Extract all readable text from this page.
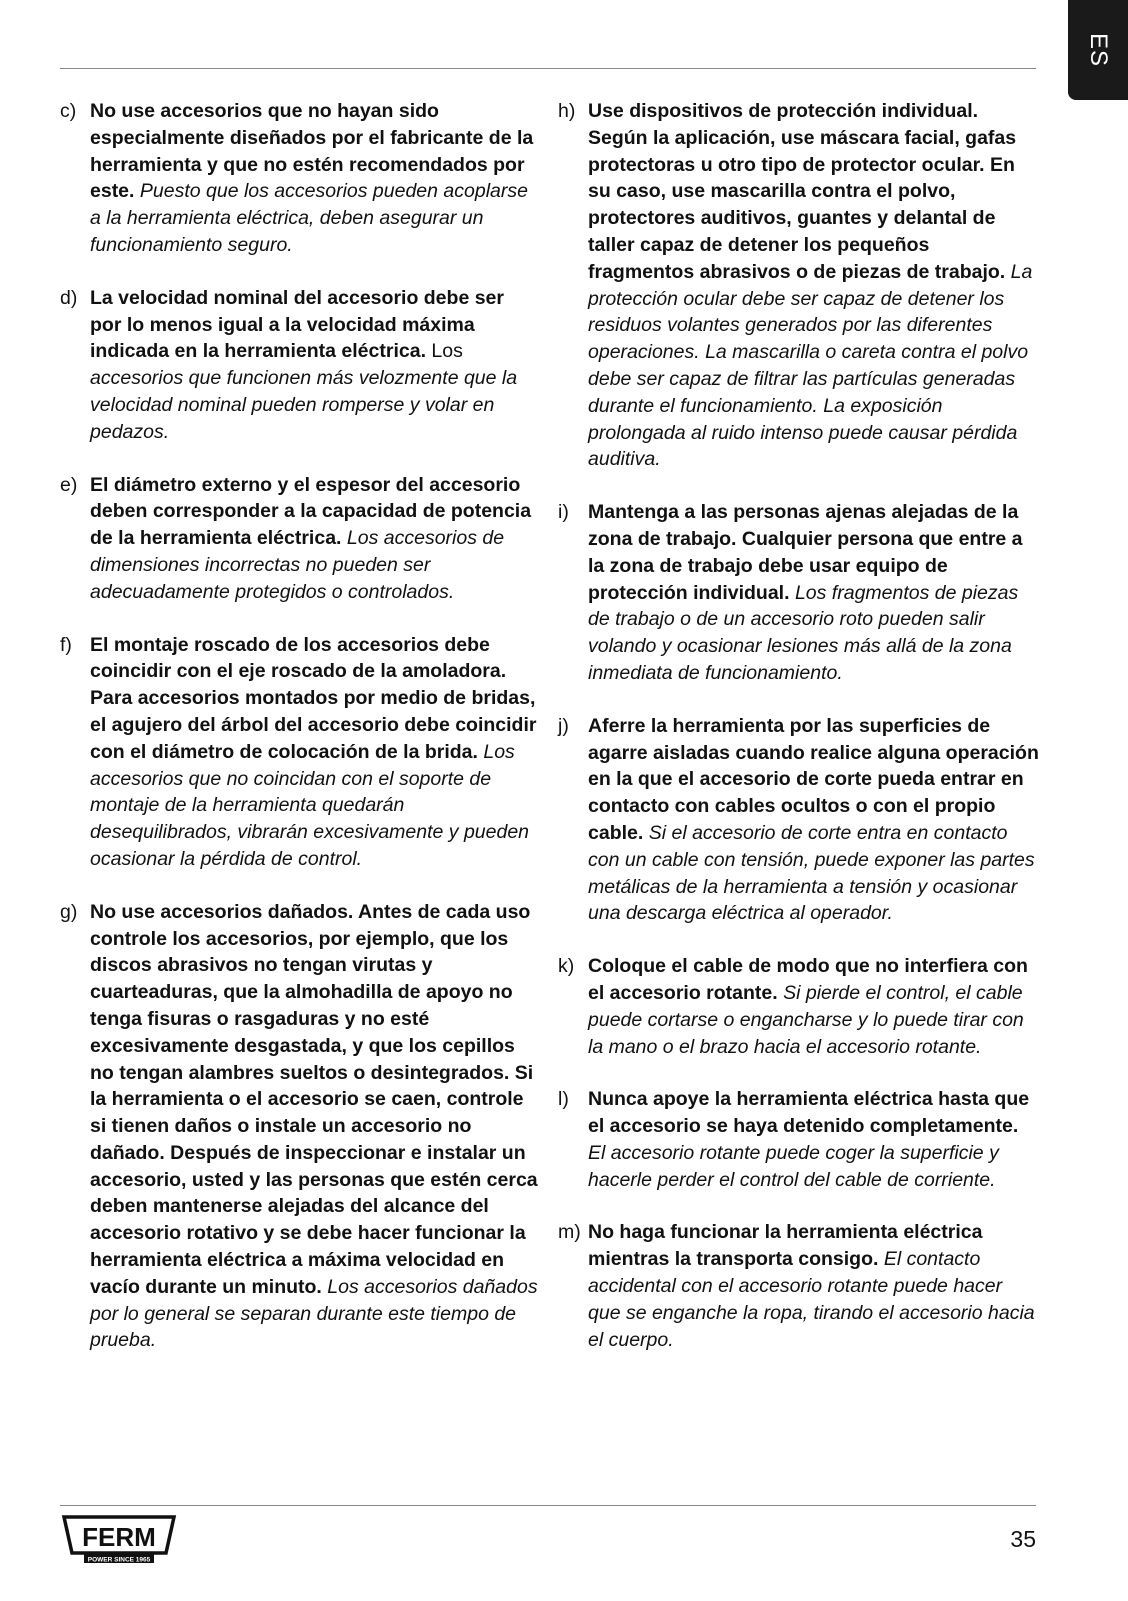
ES
c) No use accesorios que no hayan sido especialmente diseñados por el fabricante de la herramienta y que no estén recomendados por este. Puesto que los accesorios pueden acoplarse a la herramienta eléctrica, deben asegurar un funcionamiento seguro.
d) La velocidad nominal del accesorio debe ser por lo menos igual a la velocidad máxima indicada en la herramienta eléctrica. Los accesorios que funcionen más velozmente que la velocidad nominal pueden romperse y volar en pedazos.
e) El diámetro externo y el espesor del accesorio deben corresponder a la capacidad de potencia de la herramienta eléctrica. Los accesorios de dimensiones incorrectas no pueden ser adecuadamente protegidos o controlados.
f) El montaje roscado de los accesorios debe coincidir con el eje roscado de la amoladora. Para accesorios montados por medio de bridas, el agujero del árbol del accesorio debe coincidir con el diámetro de colocación de la brida. Los accesorios que no coincidan con el soporte de montaje de la herramienta quedarán desequilibrados, vibrarán excesivamente y pueden ocasionar la pérdida de control.
g) No use accesorios dañados. Antes de cada uso controle los accesorios, por ejemplo, que los discos abrasivos no tengan virutas y cuarteaduras, que la almohadilla de apoyo no tenga fisuras o rasgaduras y no esté excesivamente desgastada, y que los cepillos no tengan alambres sueltos o desintegrados. Si la herramienta o el accesorio se caen, controle si tienen daños o instale un accesorio no dañado. Después de inspeccionar e instalar un accesorio, usted y las personas que estén cerca deben mantenerse alejadas del alcance del accesorio rotativo y se debe hacer funcionar la herramienta eléctrica a máxima velocidad en vacío durante un minuto. Los accesorios dañados por lo general se separan durante este tiempo de prueba.
h) Use dispositivos de protección individual. Según la aplicación, use máscara facial, gafas protectoras u otro tipo de protector ocular. En su caso, use mascarilla contra el polvo, protectores auditivos, guantes y delantal de taller capaz de detener los pequeños fragmentos abrasivos o de piezas de trabajo. La protección ocular debe ser capaz de detener los residuos volantes generados por las diferentes operaciones. La mascarilla o careta contra el polvo debe ser capaz de filtrar las partículas generadas durante el funcionamiento. La exposición prolongada al ruido intenso puede causar pérdida auditiva.
i) Mantenga a las personas ajenas alejadas de la zona de trabajo. Cualquier persona que entre a la zona de trabajo debe usar equipo de protección individual. Los fragmentos de piezas de trabajo o de un accesorio roto pueden salir volando y ocasionar lesiones más allá de la zona inmediata de funcionamiento.
j) Aferre la herramienta por las superficies de agarre aisladas cuando realice alguna operación en la que el accesorio de corte pueda entrar en contacto con cables ocultos o con el propio cable. Si el accesorio de corte entra en contacto con un cable con tensión, puede exponer las partes metálicas de la herramienta a tensión y ocasionar una descarga eléctrica al operador.
k) Coloque el cable de modo que no interfiera con el accesorio rotante. Si pierde el control, el cable puede cortarse o engancharse y lo puede tirar con la mano o el brazo hacia el accesorio rotante.
l) Nunca apoye la herramienta eléctrica hasta que el accesorio se haya detenido completamente. El accesorio rotante puede coger la superficie y hacerle perder el control del cable de corriente.
m) No haga funcionar la herramienta eléctrica mientras la transporta consigo. El contacto accidental con el accesorio rotante puede hacer que se enganche la ropa, tirando el accesorio hacia el cuerpo.
FERM
POWER SINCE 1965
35
